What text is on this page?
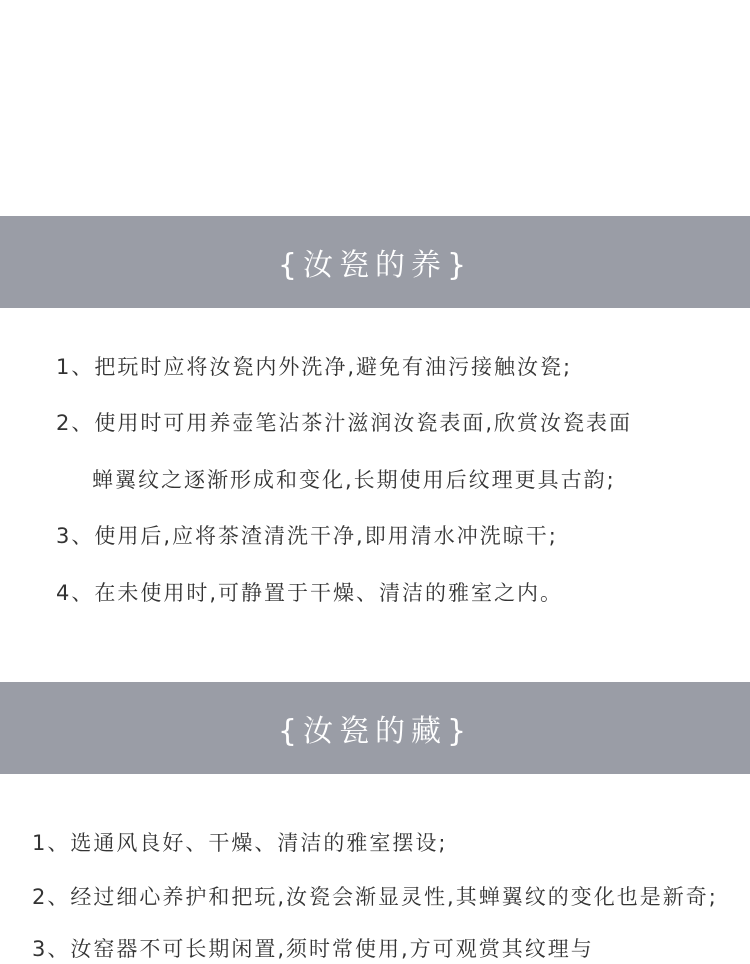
{汝瓷的养}
1、把玩时应将汝瓷内外洗净,避免有油污接触汝瓷;
2、使用时可用养壶笔沾茶汁滋润汝瓷表面,欣赏汝瓷表面
蝉翼纹之逐渐形成和变化,长期使用后纹理更具古韵;
3、使用后,应将茶渣清洗干净,即用清水冲洗晾干;
4、在未使用时,可静置于干燥、清洁的雅室之内。
{汝瓷的藏}
1、选通风良好、干燥、清洁的雅室摆设;
2、经过细心养护和把玩,汝瓷会渐显灵性,其蝉翼纹的变化也是新奇;
3、汝窑器不可长期闲置,须时常使用,方可观赏其纹理与
